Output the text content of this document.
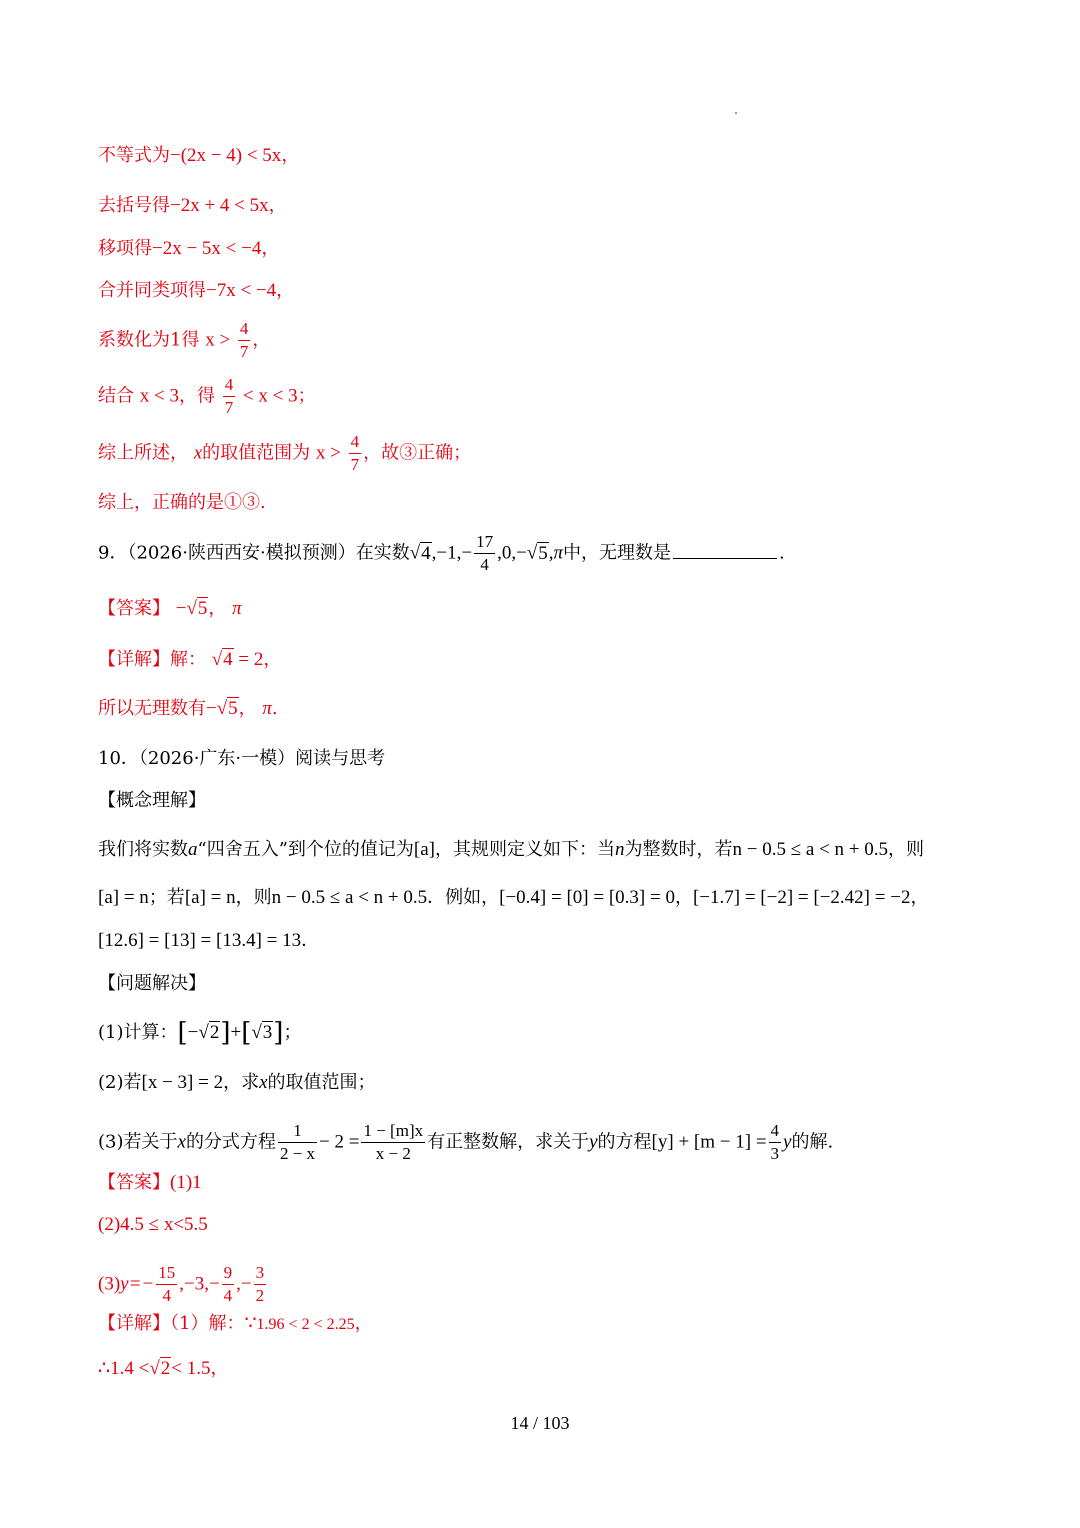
不等式为−(2x − 4) < 5x，
去括号得−2x + 4 < 5x，
移项得−2x − 5x < −4，
合并同类项得−7x < −4，
系数化为1得 $x > \frac{4}{7}$ ，
结合 x < 3，得 $\frac{4}{7} < x < 3$；
综上所述， x的取值范围为 $x > \frac{4}{7}$ ，故③正确；
综上，正确的是①③.
9．（2026·陕西西安·模拟预测）在实数$√4,-1,- \frac{17}{4} ,0,-√5,\pi$中，无理数是	.
【答案】 −√5， π
【详解】解： √4 = 2，
所以无理数有−√5， π.
10．（2026·广东·一模）阅读与思考
【概念理解】
我们将实数a“四舍五入”到个位的值记为[a]，其规则定义如下：当n为整数时，若n − 0.5 ≤ a < n + 0.5，则
[a] = n；若[a] = n，则n − 0.5 ≤ a < n + 0.5．例如，[−0.4] = [0] = [0.3] = 0，[−1.7] = [−2] = [−2.42] = −2，
[12.6] = [13] = [13.4] = 13．
【问题解决】
(1)计算：[−√2]+[√3]；
(2)若[x − 3] = 2，求x的取值范围；
(3)若关于x的分式方程 $\frac{1}{2 - x} - 2 = \frac{1 - [m]x}{x - 2}$ 有正整数解，求关于y的方程$[y] + [m - 1] = \frac{4}{3}$ y的解.
【答案】(1)1
(2)4.5 ≤ x<5.5
$(3)y=- \frac{15}{4} ,-3,- \frac{9}{4}$ ,− $\frac{3}{2}$
【详解】（1）解：∵1.96 < 2 < 2.25，
∴1.4 <√2< 1.5，
14 / 103
